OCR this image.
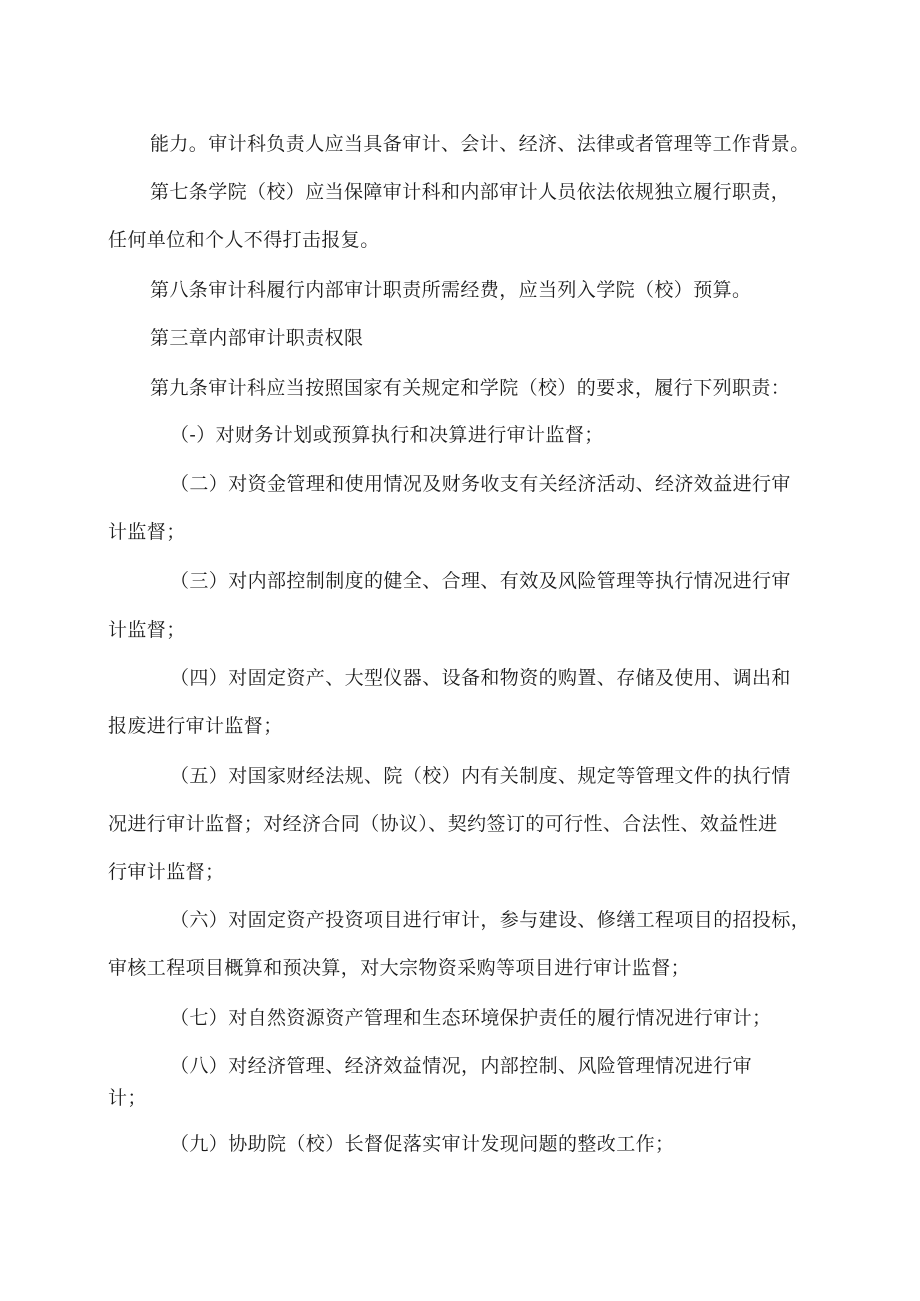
能力。审计科负责人应当具备审计、会计、经济、法律或者管理等工作背景。
第七条学院（校）应当保障审计科和内部审计人员依法依规独立履行职责，
任何单位和个人不得打击报复。
第八条审计科履行内部审计职责所需经费，应当列入学院（校）预算。
第三章内部审计职责权限
第九条审计科应当按照国家有关规定和学院（校）的要求，履行下列职责：
（-）对财务计划或预算执行和决算进行审计监督；
（二）对资金管理和使用情况及财务收支有关经济活动、经济效益进行审
计监督；
（三）对内部控制制度的健全、合理、有效及风险管理等执行情况进行审
计监督；
（四）对固定资产、大型仪器、设备和物资的购置、存储及使用、调出和
报废进行审计监督；
（五）对国家财经法规、院（校）内有关制度、规定等管理文件的执行情
况进行审计监督；对经济合同（协议）、契约签订的可行性、合法性、效益性进
行审计监督；
（六）对固定资产投资项目进行审计，参与建设、修缮工程项目的招投标，
审核工程项目概算和预决算，对大宗物资采购等项目进行审计监督；
（七）对自然资源资产管理和生态环境保护责任的履行情况进行审计；
（八）对经济管理、经济效益情况，内部控制、风险管理情况进行审
计；
（九）协助院（校）长督促落实审计发现问题的整改工作；
